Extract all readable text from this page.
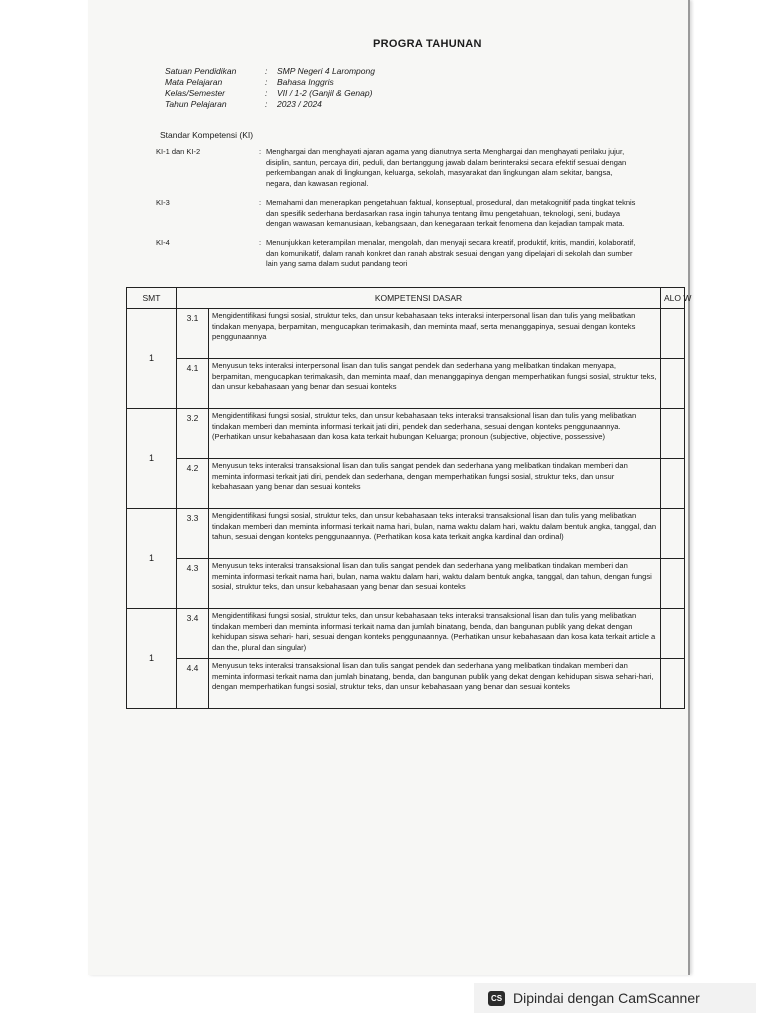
PROGRA TAHUNAN
Satuan Pendidikan	:	SMP Negeri 4 Larompong
Mata Pelajaran	:	Bahasa Inggris
Kelas/Semester	:	VII / 1-2 (Ganjil & Genap)
Tahun Pelajaran	:	2023 / 2024
Standar Kompetensi (KI)
KI-1 dan KI-2	: Menghargai dan menghayati ajaran agama yang dianutnya serta Menghargai dan menghayati perilaku jujur,
disiplin, santun, percaya diri, peduli, dan bertanggung jawab dalam berinteraksi secara efektif sesuai dengan
perkembangan anak di lingkungan, keluarga, sekolah, masyarakat dan lingkungan alam sekitar, bangsa,
negara, dan kawasan regional.
KI-3	: Memahami dan menerapkan pengetahuan faktual, konseptual, prosedural, dan metakognitif pada tingkat teknis
dan spesifik sederhana berdasarkan rasa ingin tahunya tentang ilmu pengetahuan, teknologi, seni, budaya
dengan wawasan kemanusiaan, kebangsaan, dan kenegaraan terkait fenomena dan kejadian tampak mata.
KI-4	: Menunjukkan keterampilan menalar, mengolah, dan menyaji secara kreatif, produktif, kritis, mandiri, kolaboratif,
dan komunikatif, dalam ranah konkret dan ranah abstrak sesuai dengan yang dipelajari di sekolah dan sumber
lain yang sama dalam sudut pandang teori
SMT	KOMPETENSI DASAR		ALO W
1	3.1	Mengidentifikasi fungsi sosial, struktur teks, dan unsur kebahasaan teks interaksi interpersonal lisan dan tulis yang melibatkan tindakan menyapa, berpamitan, mengucapkan terimakasih, dan meminta maaf, serta menanggapinya, sesuai dengan konteks penggunaannya	
	4.1	Menyusun teks interaksi interpersonal lisan dan tulis sangat pendek dan sederhana yang melibatkan tindakan menyapa, berpamitan, mengucapkan terimakasih, dan meminta maaf, dan menanggapinya dengan memperhatikan fungsi sosial, struktur teks, dan unsur kebahasaan yang benar dan sesuai konteks	
1	3.2	Mengidentifikasi fungsi sosial, struktur teks, dan unsur kebahasaan teks interaksi transaksional lisan dan tulis yang melibatkan tindakan memberi dan meminta informasi terkait jati diri, pendek dan sederhana, sesuai dengan konteks penggunaannya. (Perhatikan unsur kebahasaan dan kosa kata terkait hubungan Keluarga; pronoun (subjective, objective, possessive)	
	4.2	Menyusun teks interaksi transaksional lisan dan tulis sangat pendek dan sederhana yang melibatkan tindakan memberi dan meminta informasi terkait jati diri, pendek dan sederhana, dengan memperhatikan fungsi sosial, struktur teks, dan unsur kebahasaan yang benar dan sesuai konteks	
1	3.3	Mengidentifikasi fungsi sosial, struktur teks, dan unsur kebahasaan teks interaksi transaksional lisan dan tulis yang melibatkan tindakan memberi dan meminta informasi terkait nama hari, bulan, nama waktu dalam hari, waktu dalam bentuk angka, tanggal, dan tahun, sesuai dengan konteks penggunaannya. (Perhatikan kosa kata terkait angka kardinal dan ordinal)	
	4.3	Menyusun teks interaksi transaksional lisan dan tulis sangat pendek dan sederhana yang melibatkan tindakan memberi dan meminta informasi terkait nama hari, bulan, nama waktu dalam hari, waktu dalam bentuk angka, tanggal, dan tahun, dengan fungsi sosial, struktur teks, dan unsur kebahasaan yang benar dan sesuai konteks	
1	3.4	Mengidentifikasi fungsi sosial, struktur teks, dan unsur kebahasaan teks interaksi transaksional lisan dan tulis yang melibatkan tindakan memberi dan meminta informasi terkait nama dan jumlah binatang, benda, dan bangunan publik yang dekat dengan kehidupan siswa sehari- hari, sesuai dengan konteks penggunaannya. (Perhatikan unsur kebahasaan dan kosa kata terkait article a dan the, plural dan singular)	
	4.4	Menyusun teks interaksi transaksional lisan dan tulis sangat pendek dan sederhana yang melibatkan tindakan memberi dan meminta informasi terkait nama dan jumlah binatang, benda, dan bangunan publik yang dekat dengan kehidupan siswa sehari-hari, dengan memperhatikan fungsi sosial, struktur teks, dan unsur kebahasaan yang benar dan sesuai konteks	
CS Dipindai dengan CamScanner
